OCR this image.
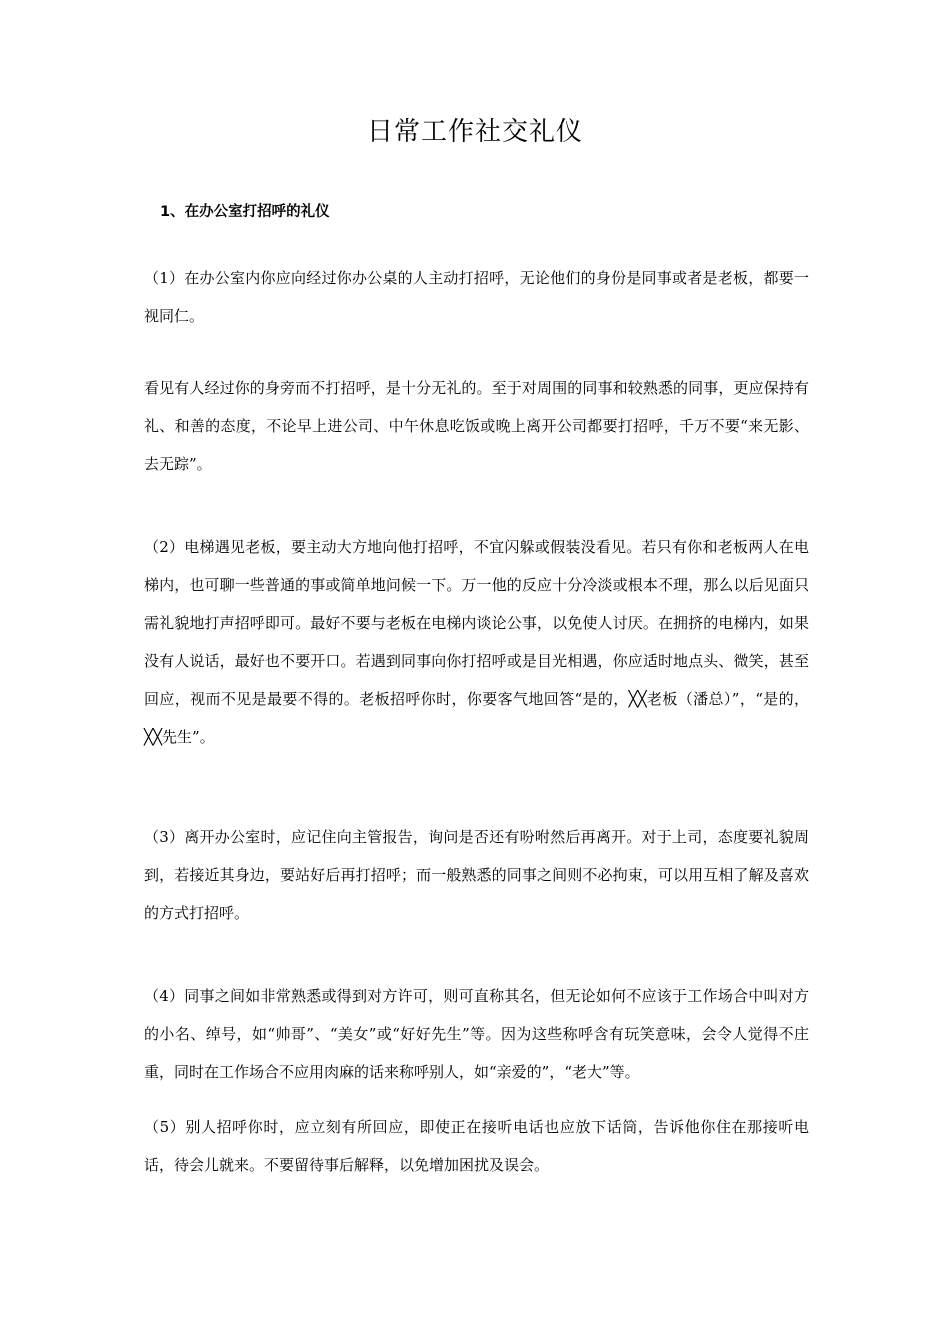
日常工作社交礼仪
1、在办公室打招呼的礼仪

（1）在办公室内你应向经过你办公桌的人主动打招呼，无论他们的身份是同事或者是老板，都要一视同仁。

看见有人经过你的身旁而不打招呼，是十分无礼的。至于对周围的同事和较熟悉的同事，更应保持有礼、和善的态度，不论早上进公司、中午休息吃饭或晚上离开公司都要打招呼，千万不要“来无影、去无踪”。

（2）电梯遇见老板，要主动大方地向他打招呼，不宜闪躲或假装没看见。若只有你和老板两人在电梯内，也可聊一些普通的事或简单地问候一下。万一他的反应十分冷淡或根本不理，那么以后见面只需礼貌地打声招呼即可。最好不要与老板在电梯内谈论公事，以免使人讨厌。在拥挤的电梯内，如果没有人说话，最好也不要开口。若遇到同事向你打招呼或是目光相遇，你应适时地点头、微笑，甚至回应，视而不见是最要不得的。老板招呼你时，你要客气地回答“是的，╳╳老板（潘总）”，“是的，╳╳先生”。

（3）离开办公室时，应记住向主管报告，询问是否还有吩咐然后再离开。对于上司，态度要礼貌周到，若接近其身边，要站好后再打招呼；而一般熟悉的同事之间则不必拘束，可以用互相了解及喜欢的方式打招呼。

（4）同事之间如非常熟悉或得到对方许可，则可直称其名，但无论如何不应该于工作场合中叫对方的小名、绰号，如“帅哥”、“美女”或“好好先生”等。因为这些称呼含有玩笑意味，会令人觉得不庄重，同时在工作场合不应用肉麻的话来称呼别人，如“亲爱的”，“老大”等。

（5）别人招呼你时，应立刻有所回应，即使正在接听电话也应放下话筒，告诉他你住在那接听电话，待会儿就来。不要留待事后解释，以免增加困扰及误会。
